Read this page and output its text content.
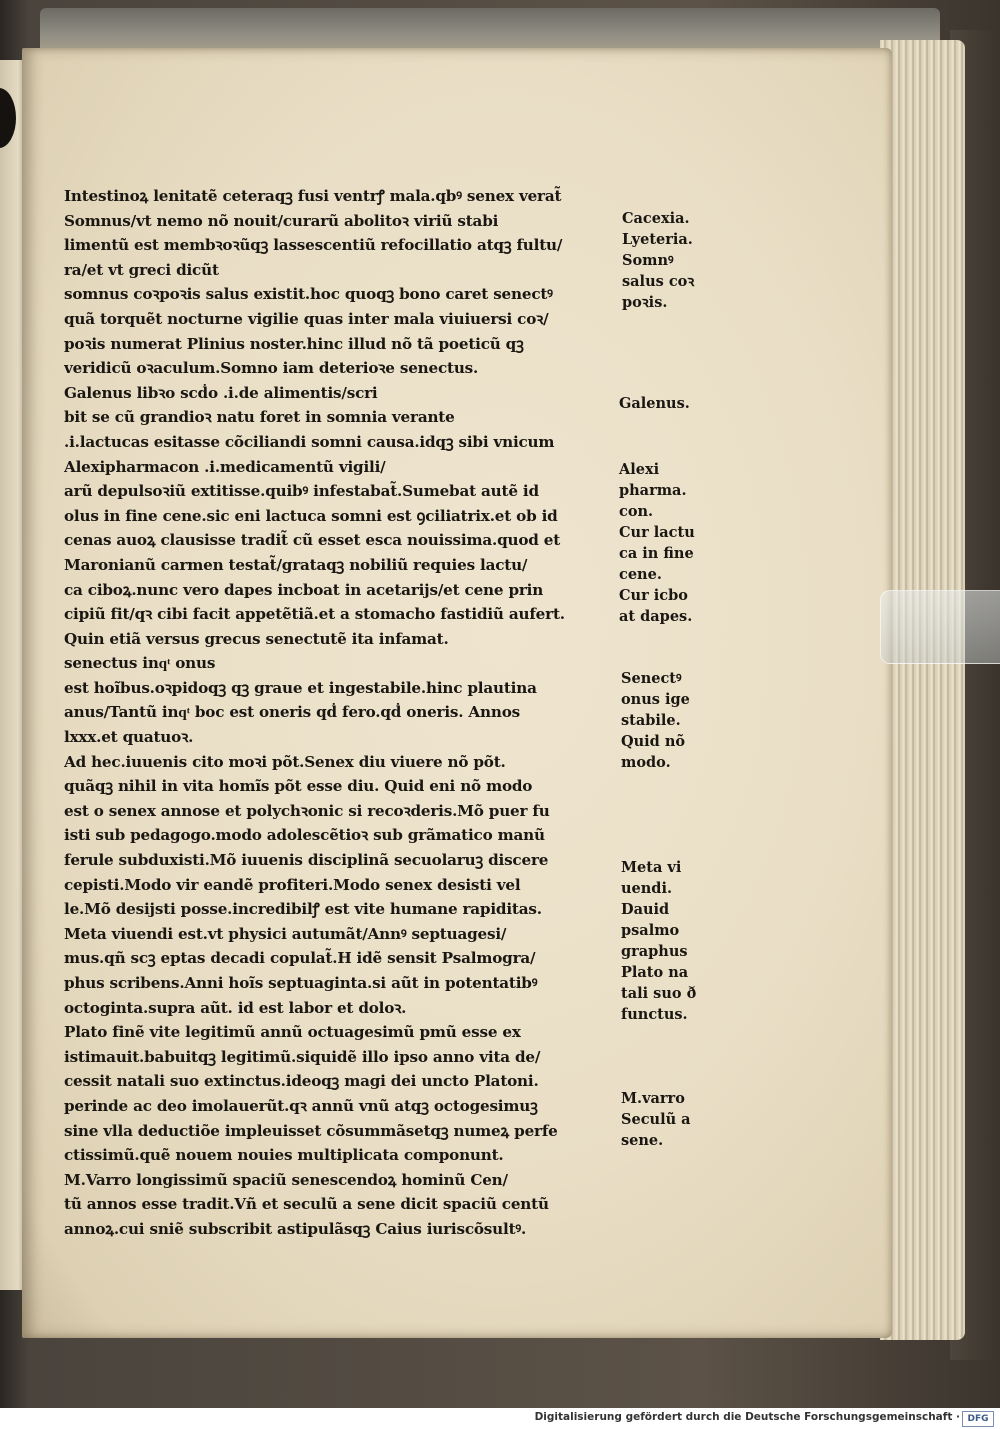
Intestinoꝝ lenitatẽ ceteraqꝫ fusi ventrꝭ mala.qbꝰ senex verat̃
Somnus/vt nemo nõ nouit/curarũ abolitoꝛ viriũ stabi
limentũ est membꝛoꝛũqꝫ lassescentiũ refocillatio atqꝫ fultu/
ra/et vt greci dicũt
somnus coꝛpoꝛis salus existit.hoc quoqꝫ bono caret senectꝰ
quã torquẽt nocturne vigilie quas inter mala viuiuersi coꝛ/
poꝛis numerat Plinius noster.hinc illud nõ tã poeticũ qꝫ
veridicũ oꝛaculum.Somno iam deterioꝛe senectus.
Galenus libꝛo scḋo .i.de alimentis/scri
bit se cũ grandioꝛ natu foret in somnia verante
.i.lactucas esitasse cõciliandi somni causa.idqꝫ sibi vnicum
Alexipharmacon .i.medicamentũ vigili/
arũ depulsoꝛiũ extitisse.quibꝰ infestabat̃.Sumebat autẽ id
olus in fine cene.sic eni lactuca somni est ꝯciliatrix.et ob id
cenas auoꝝ clausisse tradit̃ cũ esset esca nouissima.quod et
Maronianũ carmen testat̃/grataqꝫ nobiliũ requies lactu/
ca ciboꝝ.nunc vero dapes incboat in acetarijs/et cene prin
cipiũ fit/qꝛ cibi facit appetẽtiã.et a stomacho fastidiũ aufert.
Quin etiã versus grecus senectutẽ ita infamat.
senectus inqͭ onus
est hoĩbus.oꝛpidoqꝫ qꝫ graue et ingestabile.hinc plautina
anus/Tantũ inqͭ boc est oneris qḋ fero.qḋ oneris. Annos
lxxx.et quatuoꝛ.
Ad hec.iuuenis cito moꝛi põt.Senex diu viuere nõ põt.
quãqꝫ nihil in vita homĩs põt esse diu. Quid eni nõ modo
est o senex annose et polychꝛonic si recoꝛderis.Mõ puer fu
isti sub pedagogo.modo adolescẽtioꝛ sub grãmatico manũ
ferule subduxisti.Mõ iuuenis disciplinã secuolaruꝫ discere
cepisti.Modo vir eandẽ profiteri.Modo senex desisti vel
le.Mõ desijsti posse.incredibilꝭ est vite humane rapiditas.
Meta viuendi est.vt physici autumãt/Annꝰ septuagesi/
mus.qñ scꝫ eptas decadi copulat̃.H idẽ sensit Psalmogra/
phus scribens.Anni hoĩs septuaginta.si aũt in potentatibꝰ
octoginta.supra aũt. id est labor et doloꝛ.
Plato finẽ vite legitimũ annũ octuagesimũ pmũ esse ex
istimauit.babuitqꝫ legitimũ.siquidẽ illo ipso anno vita de/
cessit natali suo extinctus.ideoqꝫ magi dei uncto Platoni.
perinde ac deo imolauerũt.qꝛ annũ vnũ atqꝫ octogesimuꝫ
sine vlla deductiõe impleuisset cõsummãsetqꝫ numeꝝ perfe
ctissimũ.quẽ nouem nouies multiplicata componunt.
M.Varro longissimũ spaciũ senescendoꝝ hominũ Cen/
tũ annos esse tradit.Vñ et seculũ a sene dicit spaciũ centũ
annoꝝ.cui sniẽ subscribit astipulãsqꝫ Caius iuriscõsultꝰ.
Cacexia.
Lyeteria.
Somnꝰ
salus coꝛ
poꝛis.
Galenus.
Alexi
pharma.
con.
Cur lactu
ca in fine
cene.
Cur icbo
at dapes.
Senectꝰ
onus ige
stabile.
Quid nõ
modo.
Meta vi
uendi.
Dauid
psalmo
graphus
Plato na
tali suo ð
functus.
M.varro
Seculũ a
sene.
Digitalisierung gefördert durch die Deutsche Forschungsgemeinschaft · DFG
